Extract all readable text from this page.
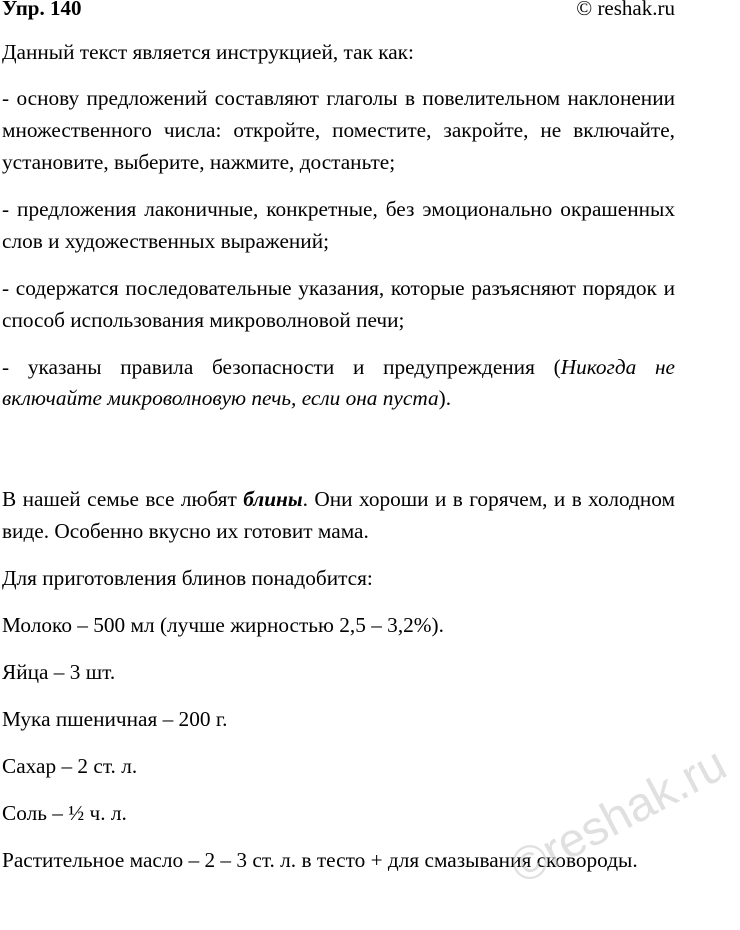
Упр. 140	© reshak.ru

Данный текст является инструкцией, так как:

- основу предложений составляют глаголы в повелительном наклонении множественного числа: откройте, поместите, закройте, не включайте, установите, выберите, нажмите, достаньте;

- предложения лаконичные, конкретные, без эмоционально окрашенных слов и художественных выражений;

- содержатся последовательные указания, которые разъясняют порядок и способ использования микроволновой печи;

- указаны правила безопасности и предупреждения (Никогда не включайте микроволновую печь, если она пуста).

В нашей семье все любят блины. Они хороши и в горячем, и в холодном виде. Особенно вкусно их готовит мама.

Для приготовления блинов понадобится:

Молоко – 500 мл (лучше жирностью 2,5 – 3,2%).

Яйца – 3 шт.

Мука пшеничная – 200 г.

Сахар – 2 ст. л.

Соль – ½ ч. л.

Растительное масло – 2 – 3 ст. л. в тесто + для смазывания сковороды.

©reshak.ru
